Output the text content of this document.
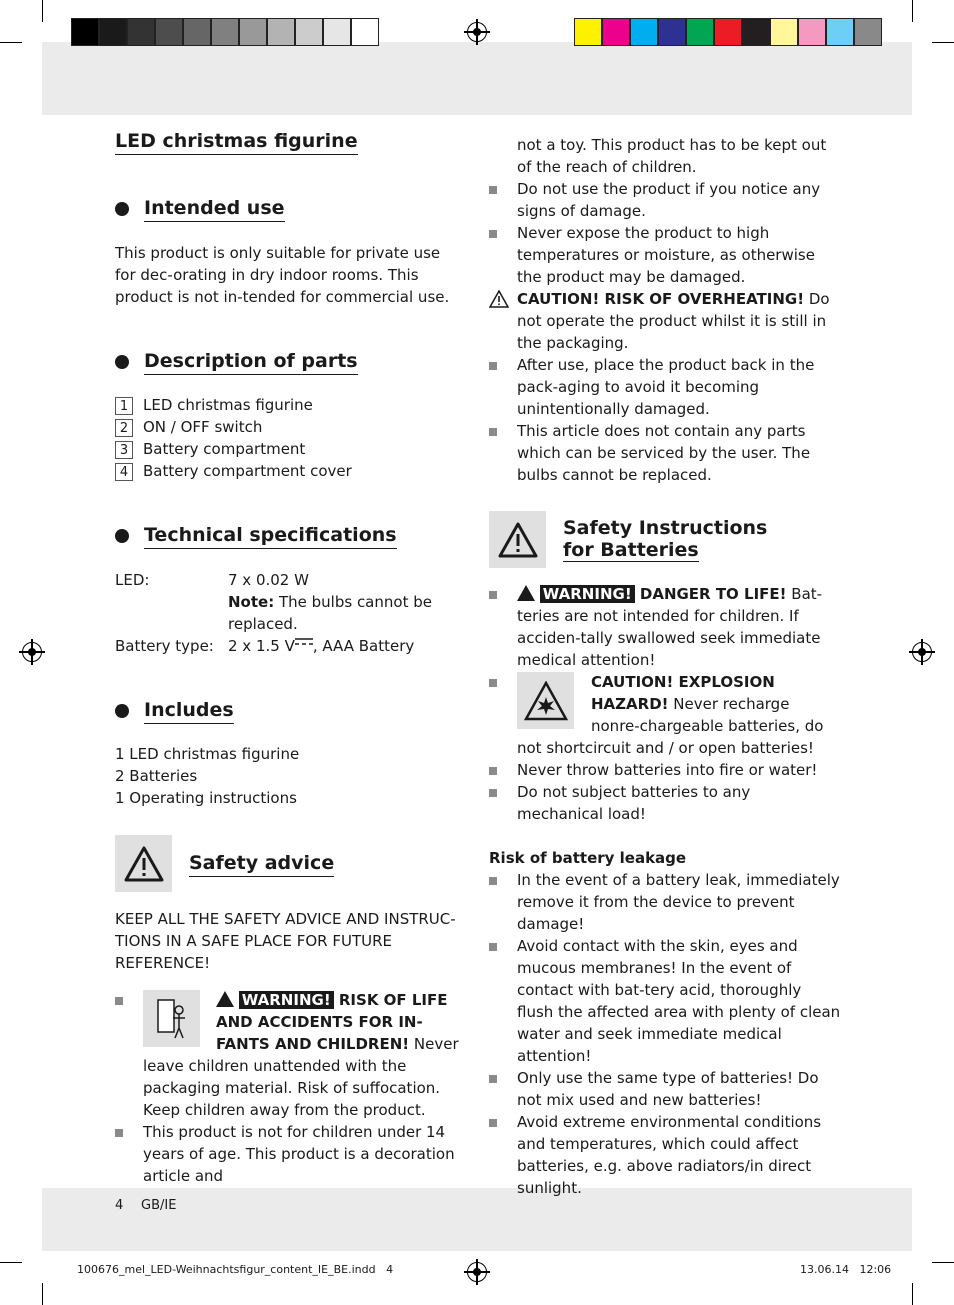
LED christmas figurine
Intended use

This product is only suitable for private use for dec-orating in dry indoor rooms. This product is not in-tended for commercial use.

Description of parts
1 LED christmas figurine
2 ON / OFF switch
3 Battery compartment
4 Battery compartment cover
Technical specifications
LED:	7 x 0.02 W
Note: The bulbs cannot be replaced.
Battery type: 2 x 1.5 V , AAA Battery
Includes
1 LED christmas figurine
2 Batteries
1 Operating instructions
Safety advice

KEEP ALL THE SAFETY ADVICE AND INSTRUC-TIONS IN A SAFE PLACE FOR FUTURE REFERENCE!

WARNING! RISK OF LIFE AND ACCIDENTS FOR IN-FANTS AND CHILDREN! Never leave children unattended with the packaging material. Risk of suffocation. Keep children away from the product.
This product is not for children under 14 years of age. This product is a decoration article and
not a toy. This product has to be kept out of the reach of children.
Do not use the product if you notice any signs of damage.
Never expose the product to high temperatures or moisture, as otherwise the product may be damaged.
CAUTION! RISK OF OVERHEATING! Do not operate the product whilst it is still in the packaging.
After use, place the product back in the pack-aging to avoid it becoming unintentionally damaged.
This article does not contain any parts which can be serviced by the user. The bulbs cannot be replaced.
Safety Instructions
for Batteries
WARNING! DANGER TO LIFE! Bat-teries are not intended for children. If acciden-tally swallowed seek immediate medical attention!
CAUTION! EXPLOSION HAZARD! Never recharge nonre-chargeable batteries, do not shortcircuit and / or open batteries!
Never throw batteries into fire or water!
Do not subject batteries to any mechanical load!
Risk of battery leakage
In the event of a battery leak, immediately remove it from the device to prevent damage!
Avoid contact with the skin, eyes and mucous membranes! In the event of contact with bat-tery acid, thoroughly flush the affected area with plenty of clean water and seek immediate medical attention!
Only use the same type of batteries! Do not mix used and new batteries!
Avoid extreme environmental conditions and temperatures, which could affect batteries, e.g. above radiators/in direct sunlight.
4 GB/IE
100676_mel_LED-Weihnachtsfigur_content_IE_BE.indd   4	13.06.14   12:06
